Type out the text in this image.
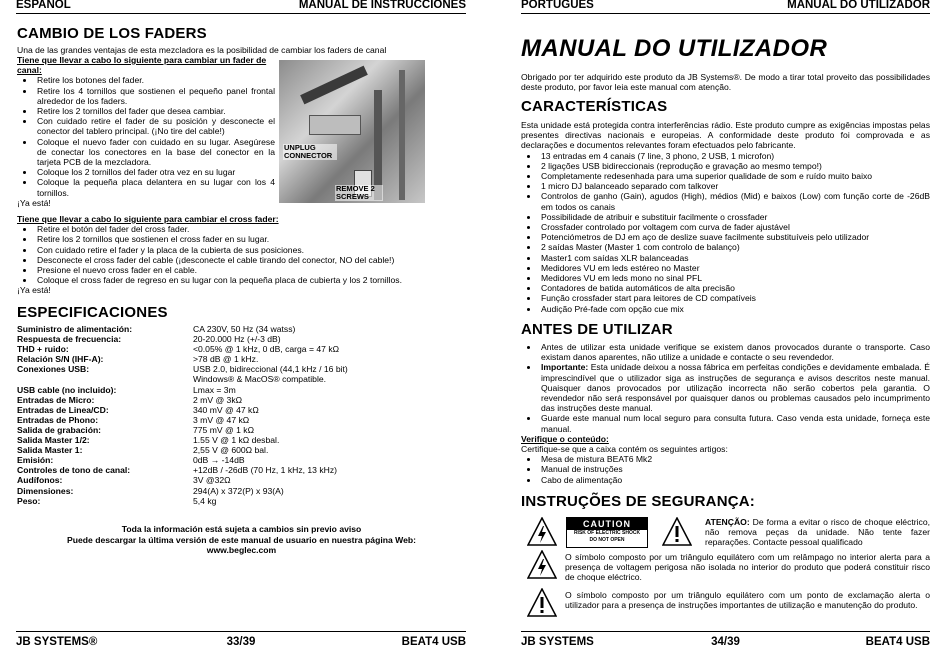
ESPAÑOL	MANUAL DE INSTRUCCIONES
CAMBIO DE LOS FADERS

Una de las grandes ventajas de esta mezcladora es la posibilidad de cambiar los faders de canal

Tiene que llevar a cabo lo siguiente para cambiar un fader de canal:

• Retire los botones del fader.
• Retire los 4 tornillos que sostienen el pequeño panel frontal alrededor de los faders.
• Retire los 2 tornillos del fader que desea cambiar.
• Con cuidado retire el fader de su posición y desconecte el conector del tablero principal. (¡No tire del cable!)
• Coloque el nuevo fader con cuidado en su lugar. Asegúrese de conectar los conectores en la base del conector en la tarjeta PCB de la mezcladora.
• Coloque los 2 tornillos del fader otra vez en su lugar
• Coloque la pequeña placa delantera en su lugar con los 4 tornillos.

¡Ya está!

UNPLUG CONNECTOR
REMOVE 2 SCREWS

Tiene que llevar a cabo lo siguiente para cambiar el cross fader:

• Retire el botón del fader del cross fader.
• Retire los 2 tornillos que sostienen el cross fader en su lugar.
• Con cuidado retire el fader y la placa de la cubierta de sus posiciones.
• Desconecte el cross fader del cable (¡desconecte el cable tirando del conector, NO del cable!)
• Presione el nuevo cross fader en el cable.
• Coloque el cross fader de regreso en su lugar con la pequeña placa de cubierta y los 2 tornillos.

¡Ya está!

ESPECIFICACIONES
Suministro de alimentación:	CA 230V, 50 Hz (34 watss)
Respuesta de frecuencia:	20-20.000 Hz (+/-3 dB)
THD + ruido:	<0.05% @ 1 kHz, 0 dB, carga = 47 kΩ
Relación S/N (IHF-A):	>78 dB @ 1 kHz.
Conexiones USB:	USB 2.0, bidireccional (44,1 kHz / 16 bit)
	Windows® & MacOS® compatible.
USB cable (no incluido):	Lmax = 3m
Entradas de Micro:	2 mV @ 3kΩ
Entradas de Linea/CD:	340 mV @ 47 kΩ
Entradas de Phono:	3 mV @ 47 kΩ
Salida de grabación:	775 mV @ 1 kΩ
Salida Master 1/2:	1.55 V @ 1 kΩ desbal.
Salida Master 1:	2,55 V @ 600Ω bal.
Emisión:	0dB → -14dB
Controles de tono de canal:	+12dB / -26dB (70 Hz, 1 kHz, 13 kHz)
Audífonos:	3V @32Ω
Dimensiones:	294(A) x 372(P) x 93(A)
Peso:	5,4 kg

Toda la información está sujeta a cambios sin previo aviso

Puede descargar la última versión de este manual de usuario en nuestra página Web:

www.beglec.com

JB SYSTEMS®	33/39	BEAT4 USB
PORTUGUÊS	MANUAL DO UTILIZADOR

MANUAL DO UTILIZADOR

Obrigado por ter adquirido este produto da JB Systems®. De modo a tirar total proveito das possibilidades deste produto, por favor leia este manual com atenção.

CARACTERÍSTICAS

Esta unidade está protegida contra interferências rádio. Este produto cumpre as exigências impostas pelas presentes directivas nacionais e europeias. A conformidade deste produto foi comprovada e as declarações e documentos relevantes foram efectuados pelo fabricante.

• 13 entradas em 4 canais (7 line, 3 phono, 2 USB, 1 microfon)
• 2 ligações USB bidireccionais (reprodução e gravação ao mesmo tempo!)
• Completamente redesenhada para uma superior qualidade de som e ruído muito baixo
• 1 micro DJ balanceado separado com talkover
• Controlos de ganho (Gain), agudos (High), médios (Mid) e baixos (Low) com função corte de -26dB em todos os canais
• Possibilidade de atribuir e substituir facilmente o crossfader
• Crossfader controlado por voltagem com curva de fader ajustável
• Potenciómetros de DJ em aço de deslize suave facilmente substituíveis pelo utilizador
• 2 saídas Master (Master 1 com controlo de balanço)
• Master1 com saídas XLR balanceadas
• Medidores VU em leds estéreo no Master
• Medidores VU em leds mono no sinal PFL
• Contadores de batida automáticos de alta precisão
• Função crossfader start para leitores de CD compatíveis
• Audição Pré-fade com opção cue mix
ANTES DE UTILIZAR
• Antes de utilizar esta unidade verifique se existem danos provocados durante o transporte. Caso existam danos aparentes, não utilize a unidade e contacte o seu revendedor.
• Importante: Esta unidade deixou a nossa fábrica em perfeitas condições e devidamente embalada. É imprescindível que o utilizador siga as instruções de segurança e avisos descritos neste manual. Quaisquer danos provocados por utilização incorrecta não serão cobertos pela garantia. O revendedor não será responsável por quaisquer danos ou problemas causados pelo incumprimento das instruções deste manual.
• Guarde este manual num local seguro para consulta futura. Caso venda esta unidade, forneça este manual.

Verifique o conteúdo:

Certifique-se que a caixa contém os seguintes artigos:

• Mesa de mistura BEAT6 Mk2
• Manual de instruções
• Cabo de alimentação
INSTRUÇÕES DE SEGURANÇA:
CAUTION
RISK OF ELECTRIC SHOCK
DO NOT OPEN

ATENÇÃO: De forma a evitar o risco de choque eléctrico, não remova peças da unidade. Não tente fazer reparações. Contacte pessoal qualificado

O símbolo composto por um triângulo equilátero com um relâmpago no interior alerta para a presença de voltagem perigosa não isolada no interior do produto que poderá constituir risco de choque eléctrico.

O símbolo composto por um triângulo equilátero com um ponto de exclamação alerta o utilizador para a presença de instruções importantes de utilização e manutenção do produto.

JB SYSTEMS	34/39	BEAT4 USB
